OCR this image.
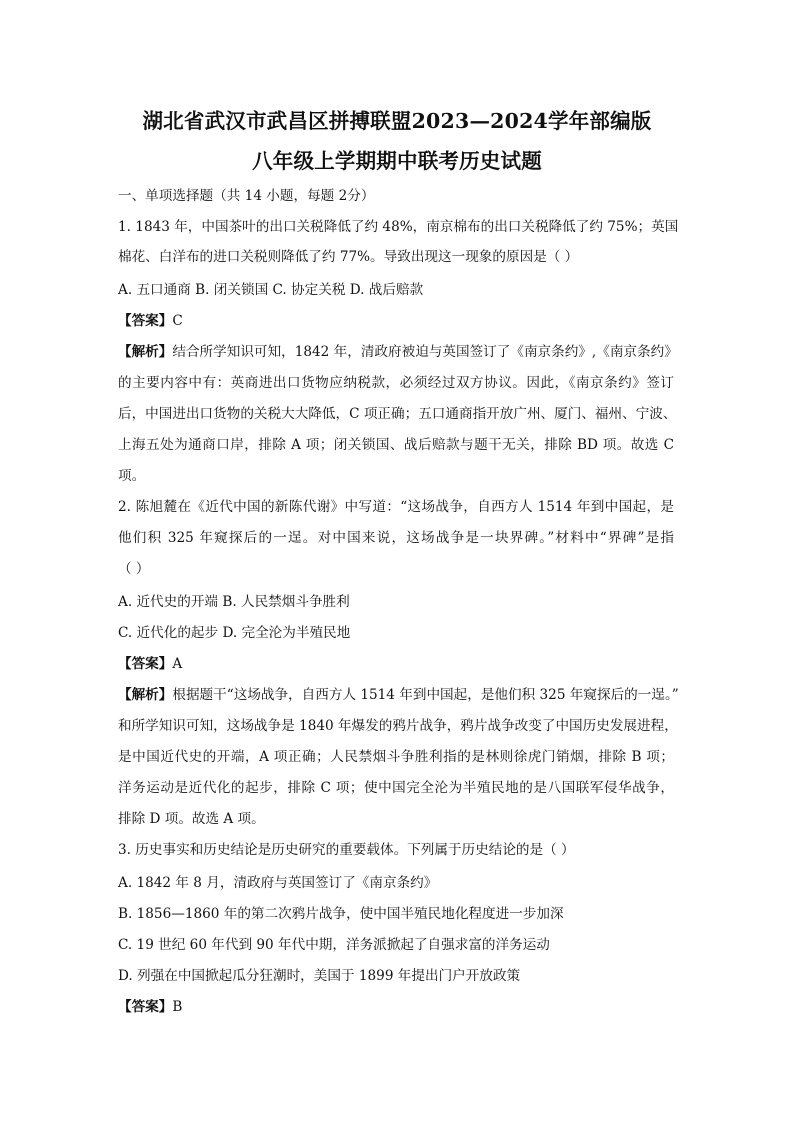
湖北省武汉市武昌区拼搏联盟2023—2024学年部编版
八年级上学期期中联考历史试题
一、单项选择题（共 14 小题，每题 2分）
1. 1843 年，中国茶叶的出口关税降低了约 48%，南京棉布的出口关税降低了约 75%；英国
棉花、白洋布的进口关税则降低了约 77%。导致出现这一现象的原因是（ ）
A. 五口通商 B. 闭关锁国 C. 协定关税 D. 战后赔款
【答案】C
【解析】结合所学知识可知，1842 年，清政府被迫与英国签订了《南京条约》,《南京条约》
的主要内容中有：英商进出口货物应纳税款，必须经过双方协议。因此，《南京条约》签订
后，中国进出口货物的关税大大降低，C 项正确；五口通商指开放广州、厦门、福州、宁波、
上海五处为通商口岸，排除 A 项；闭关锁国、战后赔款与题干无关，排除 BD 项。故选 C
项。
2. 陈旭麓在《近代中国的新陈代谢》中写道：“这场战争，自西方人 1514 年到中国起，是
他们积 325 年窥探后的一逞。对中国来说，这场战争是一块界碑。”材料中“界碑”是指
（ ）
A. 近代史的开端 B. 人民禁烟斗争胜利
C. 近代化的起步 D. 完全沦为半殖民地
【答案】A
【解析】根据题干“这场战争，自西方人 1514 年到中国起，是他们积 325 年窥探后的一逞。”
和所学知识可知，这场战争是 1840 年爆发的鸦片战争，鸦片战争改变了中国历史发展进程，
是中国近代史的开端，A 项正确；人民禁烟斗争胜利指的是林则徐虎门销烟，排除 B 项；
洋务运动是近代化的起步，排除 C 项；使中国完全沦为半殖民地的是八国联军侵华战争，
排除 D 项。故选 A 项。
3. 历史事实和历史结论是历史研究的重要载体。下列属于历史结论的是（ ）
A. 1842 年 8 月，清政府与英国签订了《南京条约》
B. 1856—1860 年的第二次鸦片战争，使中国半殖民地化程度进一步加深
C. 19 世纪 60 年代到 90 年代中期，洋务派掀起了自强求富的洋务运动
D. 列强在中国掀起瓜分狂潮时，美国于 1899 年提出门户开放政策
【答案】B
